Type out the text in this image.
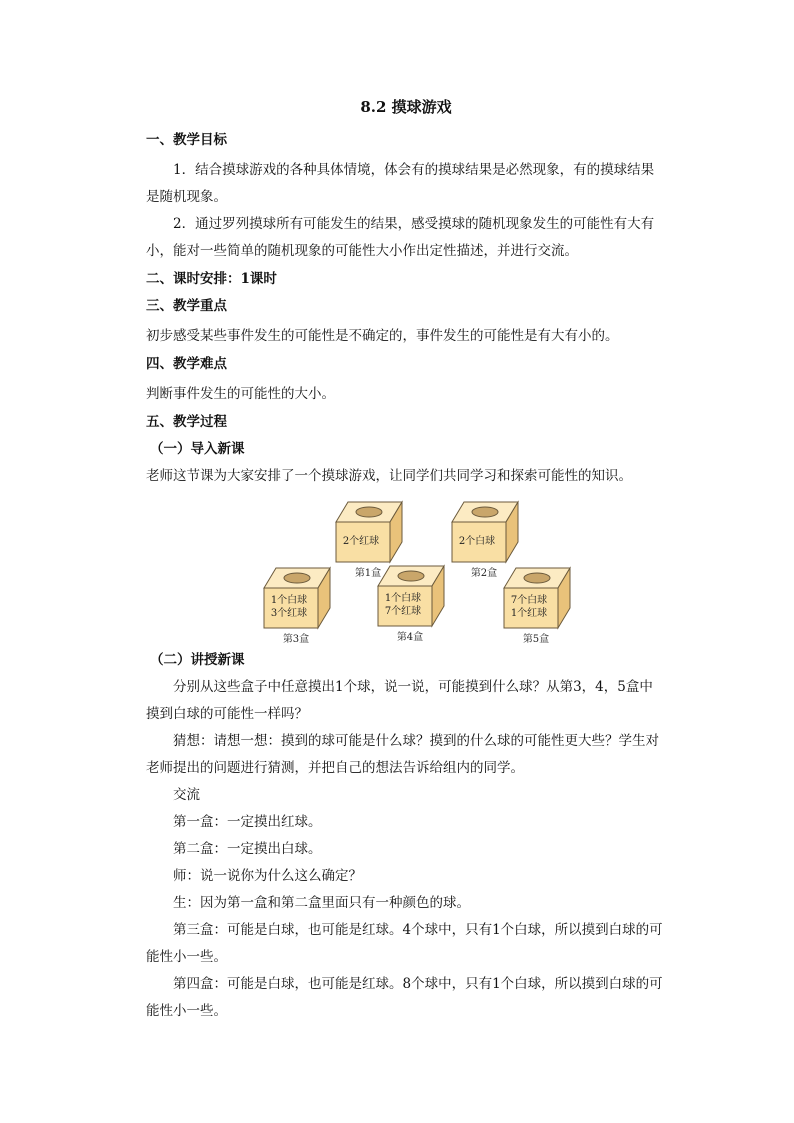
8.2 摸球游戏
一、教学目标

1．结合摸球游戏的各种具体情境，体会有的摸球结果是必然现象，有的摸球结果是随机现象。

2．通过罗列摸球所有可能发生的结果，感受摸球的随机现象发生的可能性有大有小，能对一些简单的随机现象的可能性大小作出定性描述，并进行交流。

二、课时安排：1课时
三、教学重点

初步感受某些事件发生的可能性是不确定的，事件发生的可能性是有大有小的。

四、教学难点

判断事件发生的可能性的大小。

五、教学过程
（一）导入新课

老师这节课为大家安排了一个摸球游戏，让同学们共同学习和探索可能性的知识。

2个红球
第1盒
2个白球
第2盒
1个白球
3个红球
第3盒
1个白球
7个红球
第4盒
7个白球
1个红球
第5盒
（二）讲授新课

分别从这些盒子中任意摸出1个球，说一说，可能摸到什么球？从第3，4，5盒中摸到白球的可能性一样吗？

猜想：请想一想：摸到的球可能是什么球？摸到的什么球的可能性更大些？学生对老师提出的问题进行猜测，并把自己的想法告诉给组内的同学。

交流

第一盒：一定摸出红球。

第二盒：一定摸出白球。

师：说一说你为什么这么确定？

生：因为第一盒和第二盒里面只有一种颜色的球。

第三盒：可能是白球，也可能是红球。4个球中，只有1个白球，所以摸到白球的可能性小一些。

第四盒：可能是白球，也可能是红球。8个球中，只有1个白球，所以摸到白球的可能性小一些。
